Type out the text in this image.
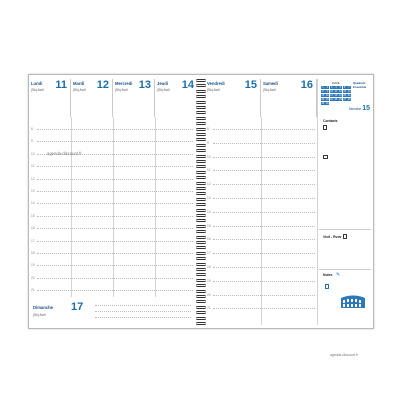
Lundi 11
(Sk) Avril
Mardi 12
(Sk) Avril
Mercredi 13
(Sk) Avril
Jeudi 14
(Sk) Avril
8
9
10
11
12
13
14
15
16
17
18
19
20
21
agenda-discount.fr
Dimanche 17
(Sk) Avril
Vendredi 15
(Sk) Avril
Samedi 16
(Sk) Avril
AVRIL
1	2	3	4	5	6	7
8	9 10 11 12 13 14
15 16 17 18 19 20 21
22 23 24 25 26 27 28
29 30
Quadrant Ensemble
Semaine15
8
9
10
11
12
13
14
15
16
17
18
19
20
21
Contacts
Visit - Rvdv
Notes ✎
agenda-discount.fr
